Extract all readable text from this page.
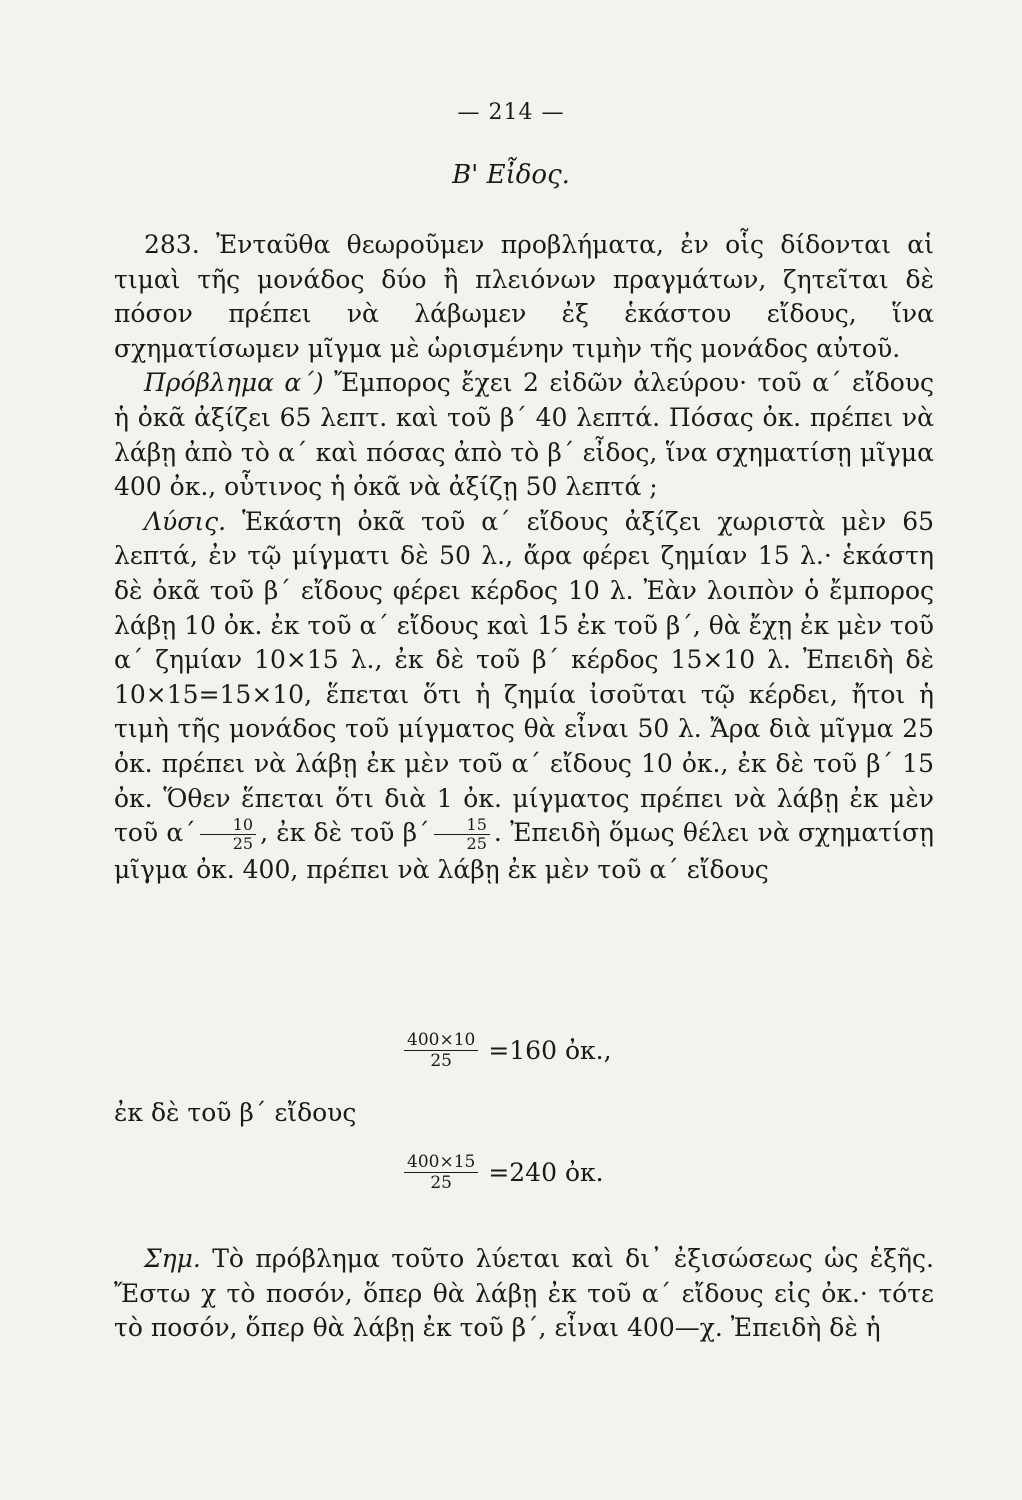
— 214 —
Β' Εἶδος.

283. Ἐνταῦθα θεωροῦμεν προβλήματα, ἐν οἷς δίδονται αἱ τιμαὶ τῆς μονάδος δύο ἢ πλειόνων πραγμάτων, ζητεῖται δὲ πόσον πρέπει νὰ λάβωμεν ἐξ ἑκάστου εἴδους, ἵνα σχηματίσωμεν μῖγμα μὲ ὡρισμένην τιμὴν τῆς μονάδος αὐτοῦ.

Πρόβλημα α΄) Ἔμπορος ἔχει 2 εἰδῶν ἀλεύρου· τοῦ α΄ εἴδους ἡ ὀκᾶ ἀξίζει 65 λεπτ. καὶ τοῦ β΄ 40 λεπτά. Πόσας ὀκ. πρέπει νὰ λάβῃ ἀπὸ τὸ α΄ καὶ πόσας ἀπὸ τὸ β΄ εἶδος, ἵνα σχηματίσῃ μῖγμα 400 ὀκ., οὗτινος ἡ ὀκᾶ νὰ ἀξίζῃ 50 λεπτά ;

Λύσις. Ἑκάστη ὀκᾶ τοῦ α΄ εἴδους ἀξίζει χωριστὰ μὲν 65 λεπτά, ἐν τῷ μίγματι δὲ 50 λ., ἄρα φέρει ζημίαν 15 λ.· ἑκάστη δὲ ὀκᾶ τοῦ β΄ εἴδους φέρει κέρδος 10 λ. Ἐὰν λοιπὸν ὁ ἔμπορος λάβῃ 10 ὀκ. ἐκ τοῦ α΄ εἴδους καὶ 15 ἐκ τοῦ β΄, θὰ ἔχῃ ἐκ μὲν τοῦ α΄ ζημίαν 10×15 λ., ἐκ δὲ τοῦ β΄ κέρδος 15×10 λ. Ἐπειδὴ δὲ 10×15=15×10, ἕπεται ὅτι ἡ ζημία ἰσοῦται τῷ κέρδει, ἤτοι ἡ τιμὴ τῆς μονάδος τοῦ μίγματος θὰ εἶναι 50 λ. Ἄρα διὰ μῖγμα 25 ὀκ. πρέπει νὰ λάβῃ ἐκ μὲν τοῦ α΄ εἴδους 10 ὀκ., ἐκ δὲ τοῦ β΄ 15 ὀκ. Ὅθεν ἕπεται ὅτι διὰ 1 ὀκ. μίγματος πρέπει νὰ λάβῃ ἐκ μὲν τοῦ $\alpha΄ \frac{10}{25}$ , ἐκ δὲ τοῦ $\beta΄ \frac{15}{25}$ . Ἐπειδὴ ὅμως θέλει νὰ σχηματίσῃ μῖγμα ὀκ. 400, πρέπει νὰ λάβῃ ἐκ μὲν τοῦ α΄ εἴδους

$\frac{400\times 10}{25} =160$ ὀκ.,
ἐκ δὲ τοῦ β΄ εἴδους
$\frac{400\times 15}{25} =240$ ὀκ.

Σημ. Τὸ πρόβλημα τοῦτο λύεται καὶ δι᾽ ἐξισώσεως ὡς ἑξῆς. Ἔστω χ τὸ ποσόν, ὅπερ θὰ λάβῃ ἐκ τοῦ α΄ εἴδους εἰς ὀκ.· τότε τὸ ποσόν, ὅπερ θὰ λάβῃ ἐκ τοῦ β΄, εἶναι 400—χ. Ἐπειδὴ δὲ ἡ
